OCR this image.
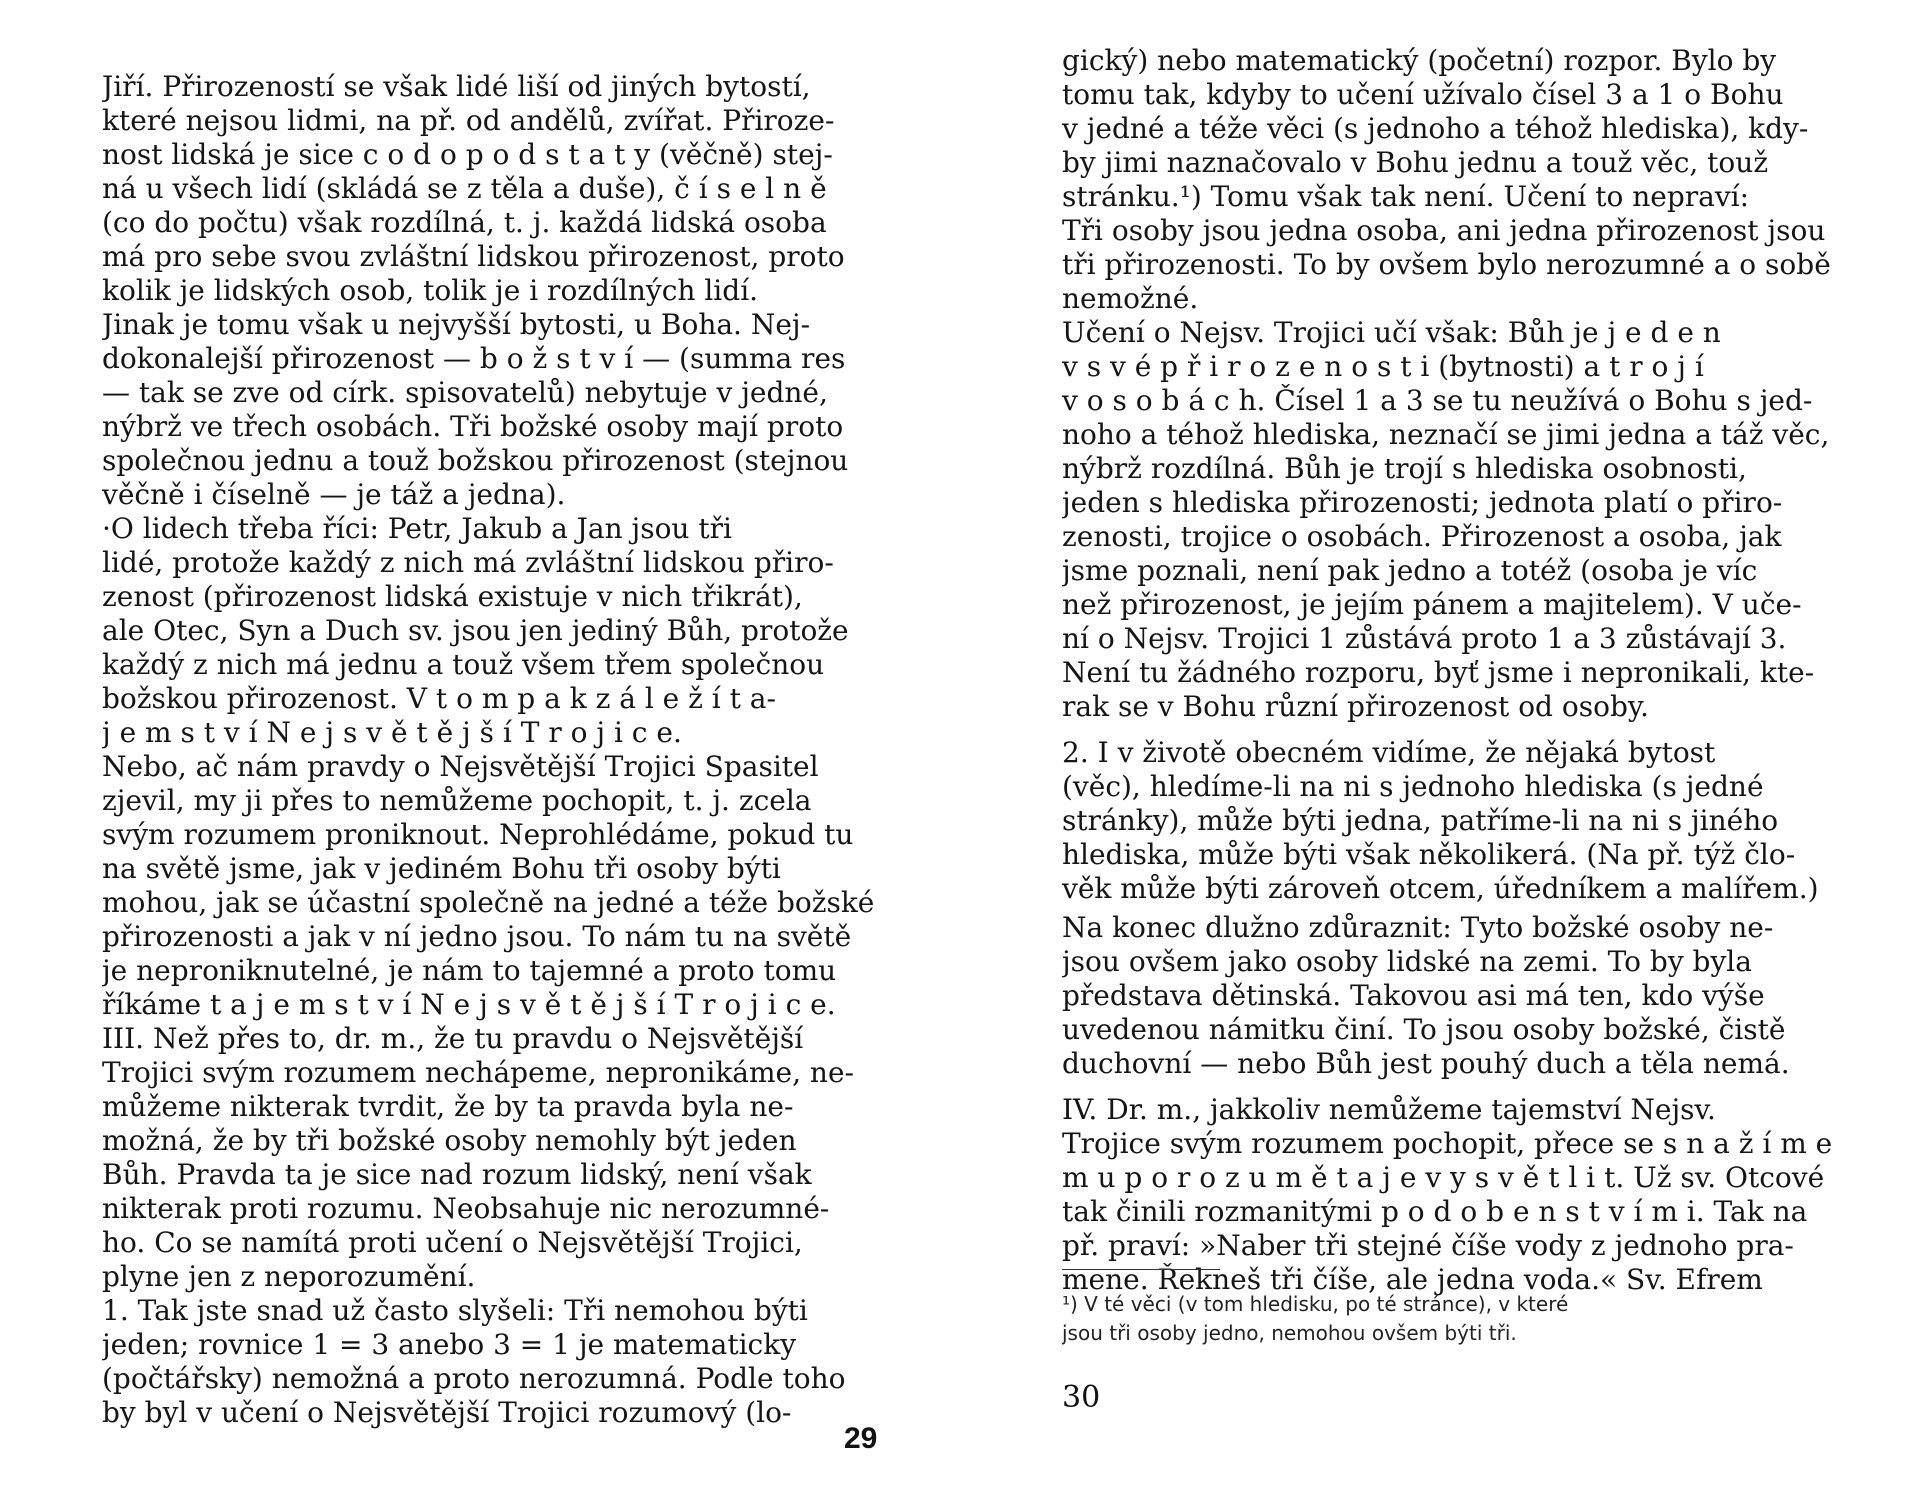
Jiří. Přirozeností se však lidé liší od jiných bytostí,
které nejsou lidmi, na př. od andělů, zvířat. Přiroze-
nost lidská je sice c o d o p o d s t a t y (věčně) stej-
ná u všech lidí (skládá se z těla a duše), č í s e l n ě
(co do počtu) však rozdílná, t. j. každá lidská osoba
má pro sebe svou zvláštní lidskou přirozenost, proto
kolik je lidských osob, tolik je i rozdílných lidí.
Jinak je tomu však u nejvyšší bytosti, u Boha. Nej-
dokonalejší přirozenost — b o ž s t v í — (summa res
— tak se zve od círk. spisovatelů) nebytuje v jedné,
nýbrž ve třech osobách. Tři božské osoby mají proto
společnou jednu a touž božskou přirozenost (stejnou
věčně i číselně — je táž a jedna).
·O lidech třeba říci: Petr, Jakub a Jan jsou tři
lidé, protože každý z nich má zvláštní lidskou přiro-
zenost (přirozenost lidská existuje v nich třikrát),
ale Otec, Syn a Duch sv. jsou jen jediný Bůh, protože
každý z nich má jednu a touž všem třem společnou
božskou přirozenost. V t o m p a k z á l e ž í t a-
j e m s t v í N e j s v ě t ě j š í T r o j i c e.
Nebo, ač nám pravdy o Nejsvětější Trojici Spasitel
zjevil, my ji přes to nemůžeme pochopit, t. j. zcela
svým rozumem proniknout. Neprohlédáme, pokud tu
na světě jsme, jak v jediném Bohu tři osoby býti
mohou, jak se účastní společně na jedné a téže božské
přirozenosti a jak v ní jedno jsou. To nám tu na světě
je neproniknutelné, je nám to tajemné a proto tomu
říkáme t a j e m s t v í N e j s v ě t ě j š í T r o j i c e.
III. Než přes to, dr. m., že tu pravdu o Nejsvětější
Trojici svým rozumem nechápeme, nepronikáme, ne-
můžeme nikterak tvrdit, že by ta pravda byla ne-
možná, že by tři božské osoby nemohly být jeden
Bůh. Pravda ta je sice nad rozum lidský, není však
nikterak proti rozumu. Neobsahuje nic nerozumné-
ho. Co se namítá proti učení o Nejsvětější Trojici,
plyne jen z neporozumění.
1. Tak jste snad už často slyšeli: Tři nemohou býti
jeden; rovnice 1 = 3 anebo 3 = 1 je matematicky
(počtářsky) nemožná a proto nerozumná. Podle toho
by byl v učení o Nejsvětější Trojici rozumový (lo-
29
gický) nebo matematický (početní) rozpor. Bylo by
tomu tak, kdyby to učení užívalo čísel 3 a 1 o Bohu
v jedné a téže věci (s jednoho a téhož hlediska), kdy-
by jimi naznačovalo v Bohu jednu a touž věc, touž
stránku.¹) Tomu však tak není. Učení to nepraví:
Tři osoby jsou jedna osoba, ani jedna přirozenost jsou
tři přirozenosti. To by ovšem bylo nerozumné a o sobě
nemožné.
Učení o Nejsv. Trojici učí však: Bůh je j e d e n
v s v é p ř i r o z e n o s t i (bytnosti) a t r o j í
v o s o b á c h. Čísel 1 a 3 se tu neužívá o Bohu s jed-
noho a téhož hlediska, neznačí se jimi jedna a táž věc,
nýbrž rozdílná. Bůh je trojí s hlediska osobnosti,
jeden s hlediska přirozenosti; jednota platí o přiro-
zenosti, trojice o osobách. Přirozenost a osoba, jak
jsme poznali, není pak jedno a totéž (osoba je víc
než přirozenost, je jejím pánem a majitelem). V uče-
ní o Nejsv. Trojici 1 zůstává proto 1 a 3 zůstávají 3.
Není tu žádného rozporu, byť jsme i nepronikali, kte-
rak se v Bohu různí přirozenost od osoby.
2. I v životě obecném vidíme, že nějaká bytost
(věc), hledíme-li na ni s jednoho hlediska (s jedné
stránky), může býti jedna, patříme-li na ni s jiného
hlediska, může býti však několikerá. (Na př. týž člo-
věk může býti zároveň otcem, úředníkem a malířem.)
Na konec dlužno zdůraznit: Tyto božské osoby ne-
jsou ovšem jako osoby lidské na zemi. To by byla
představa dětinská. Takovou asi má ten, kdo výše
uvedenou námitku činí. To jsou osoby božské, čistě
duchovní — nebo Bůh jest pouhý duch a těla nemá.
IV. Dr. m., jakkoliv nemůžeme tajemství Nejsv.
Trojice svým rozumem pochopit, přece se s n a ž í m e
m u p o r o z u m ě t a j e v y s v ě t l i t. Už sv. Otcové
tak činili rozmanitými p o d o b e n s t v í m i. Tak na
př. praví: »Naber tři stejné číše vody z jednoho pra-
mene. Řekneš tři číše, ale jedna voda.« Sv. Efrem
¹) V té věci (v tom hledisku, po té stránce), v které
jsou tři osoby jedno, nemohou ovšem býti tři.
30
